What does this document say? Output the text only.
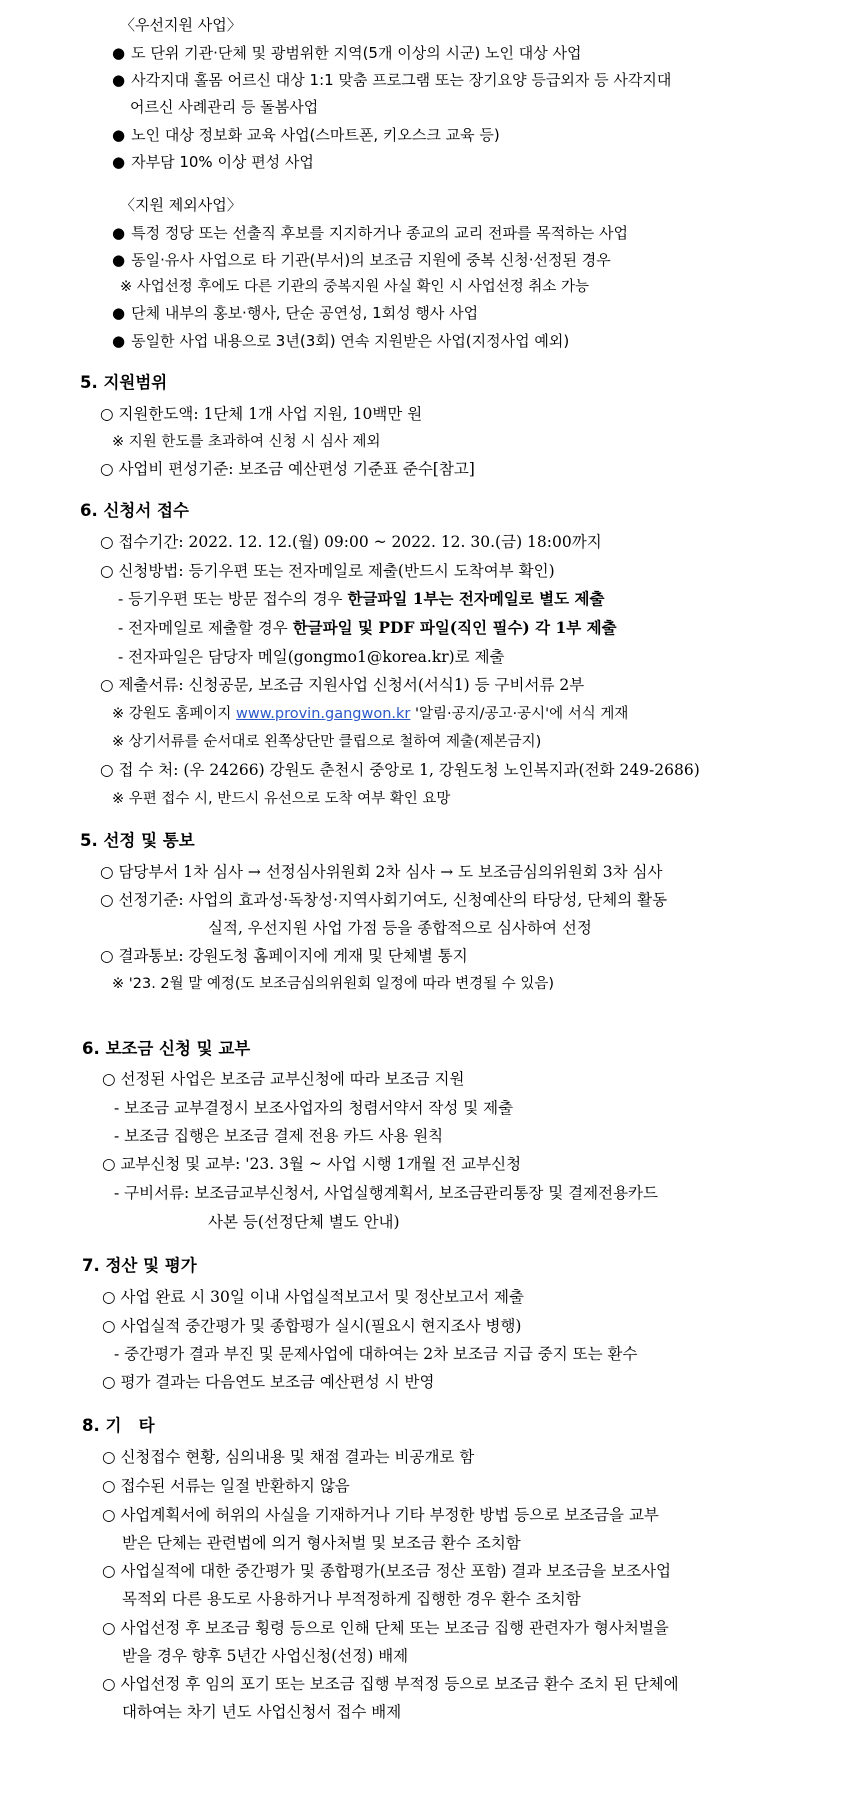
〈우선지원 사업〉
● 도 단위 기관·단체 및 광범위한 지역(5개 이상의 시군) 노인 대상 사업
● 사각지대 홀몸 어르신 대상 1:1 맞춤 프로그램 또는 장기요양 등급외자 등 사각지대
어르신 사례관리 등 돌봄사업
● 노인 대상 정보화 교육 사업(스마트폰, 키오스크 교육 등)
● 자부담 10% 이상 편성 사업
〈지원 제외사업〉
● 특정 정당 또는 선출직 후보를 지지하거나 종교의 교리 전파를 목적하는 사업
● 동일·유사 사업으로 타 기관(부서)의 보조금 지원에 중복 신청·선정된 경우
※ 사업선정 후에도 다른 기관의 중복지원 사실 확인 시 사업선정 취소 가능
● 단체 내부의 홍보·행사, 단순 공연성, 1회성 행사 사업
● 동일한 사업 내용으로 3년(3회) 연속 지원받은 사업(지정사업 예외)
5. 지원범위
○ 지원한도액: 1단체 1개 사업 지원, 10백만 원
※ 지원 한도를 초과하여 신청 시 심사 제외
○ 사업비 편성기준: 보조금 예산편성 기준표 준수[참고]
6. 신청서 접수
○ 접수기간: 2022. 12. 12.(월) 09:00 ~ 2022. 12. 30.(금) 18:00까지
○ 신청방법: 등기우편 또는 전자메일로 제출(반드시 도착여부 확인)
- 등기우편 또는 방문 접수의 경우 한글파일 1부는 전자메일로 별도 제출
- 전자메일로 제출할 경우 한글파일 및 PDF 파일(직인 필수) 각 1부 제출
- 전자파일은 담당자 메일(gongmo1@korea.kr)로 제출
○ 제출서류: 신청공문, 보조금 지원사업 신청서(서식1) 등 구비서류 2부
※ 강원도 홈페이지 www.provin.gangwon.kr '알림·공지/공고·공시'에 서식 게재
※ 상기서류를 순서대로 왼쪽상단만 클립으로 철하여 제출(제본금지)
○ 접 수 처: (우 24266) 강원도 춘천시 중앙로 1, 강원도청 노인복지과(전화 249-2686)
※ 우편 접수 시, 반드시 유선으로 도착 여부 확인 요망
5. 선정 및 통보
○ 담당부서 1차 심사 → 선정심사위원회 2차 심사 → 도 보조금심의위원회 3차 심사
○ 선정기준: 사업의 효과성·독창성·지역사회기여도, 신청예산의 타당성, 단체의 활동
실적, 우선지원 사업 가점 등을 종합적으로 심사하여 선정
○ 결과통보: 강원도청 홈페이지에 게재 및 단체별 통지
※ '23. 2월 말 예정(도 보조금심의위원회 일정에 따라 변경될 수 있음)
6. 보조금 신청 및 교부
○ 선정된 사업은 보조금 교부신청에 따라 보조금 지원
- 보조금 교부결정시 보조사업자의 청렴서약서 작성 및 제출
- 보조금 집행은 보조금 결제 전용 카드 사용 원칙
○ 교부신청 및 교부: '23. 3월 ~ 사업 시행 1개월 전 교부신청
- 구비서류: 보조금교부신청서, 사업실행계획서, 보조금관리통장 및 결제전용카드
사본 등(선정단체 별도 안내)
7. 정산 및 평가
○ 사업 완료 시 30일 이내 사업실적보고서 및 정산보고서 제출
○ 사업실적 중간평가 및 종합평가 실시(필요시 현지조사 병행)
- 중간평가 결과 부진 및 문제사업에 대하여는 2차 보조금 지급 중지 또는 환수
○ 평가 결과는 다음연도 보조금 예산편성 시 반영
8. 기   타
○ 신청접수 현황, 심의내용 및 채점 결과는 비공개로 함
○ 접수된 서류는 일절 반환하지 않음
○ 사업계획서에 허위의 사실을 기재하거나 기타 부정한 방법 등으로 보조금을 교부
받은 단체는 관련법에 의거 형사처벌 및 보조금 환수 조치함
○ 사업실적에 대한 중간평가 및 종합평가(보조금 정산 포함) 결과 보조금을 보조사업
목적외 다른 용도로 사용하거나 부적정하게 집행한 경우 환수 조치함
○ 사업선정 후 보조금 횡령 등으로 인해 단체 또는 보조금 집행 관련자가 형사처벌을
받을 경우 향후 5년간 사업신청(선정) 배제
○ 사업선정 후 임의 포기 또는 보조금 집행 부적정 등으로 보조금 환수 조치 된 단체에
대하여는 차기 년도 사업신청서 접수 배제
